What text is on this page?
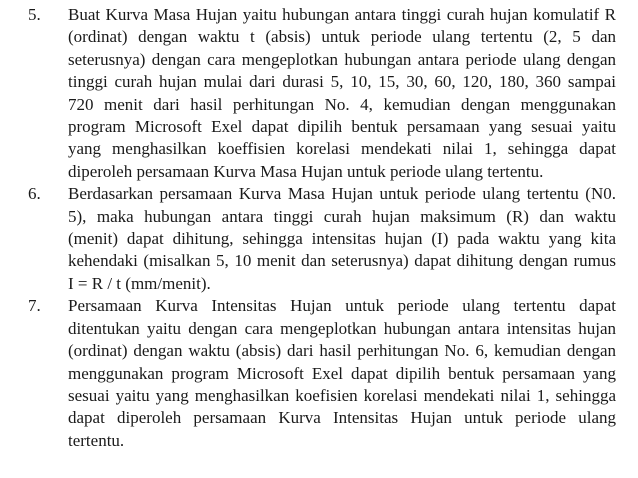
5.	Buat Kurva Masa Hujan yaitu hubungan antara tinggi curah hujan komulatif R
(ordinat) dengan waktu t (absis) untuk periode ulang tertentu (2, 5 dan
seterusnya) dengan cara mengeplotkan hubungan antara periode ulang dengan
tinggi curah hujan mulai dari durasi 5, 10, 15, 30, 60, 120, 180, 360 sampai
720 menit dari hasil perhitungan No. 4, kemudian dengan menggunakan
program Microsoft Exel dapat dipilih bentuk persamaan yang sesuai yaitu
yang menghasilkan koeffisien korelasi mendekati nilai 1, sehingga dapat
diperoleh persamaan Kurva Masa Hujan untuk periode ulang tertentu.
6.	Berdasarkan persamaan Kurva Masa Hujan untuk periode ulang tertentu (N0.
5), maka hubungan antara tinggi curah hujan maksimum (R) dan waktu
(menit) dapat dihitung, sehingga intensitas hujan (I) pada waktu yang kita
kehendaki (misalkan 5, 10 menit dan seterusnya) dapat dihitung dengan rumus
I = R / t (mm/menit).
7.	Persamaan Kurva Intensitas Hujan untuk periode ulang tertentu dapat
ditentukan yaitu dengan cara mengeplotkan hubungan antara intensitas hujan
(ordinat) dengan waktu (absis) dari hasil perhitungan No. 6, kemudian dengan
menggunakan program Microsoft Exel dapat dipilih bentuk persamaan yang
sesuai yaitu yang menghasilkan koefisien korelasi mendekati nilai 1, sehingga
dapat diperoleh persamaan Kurva Intensitas Hujan untuk periode ulang
tertentu.
